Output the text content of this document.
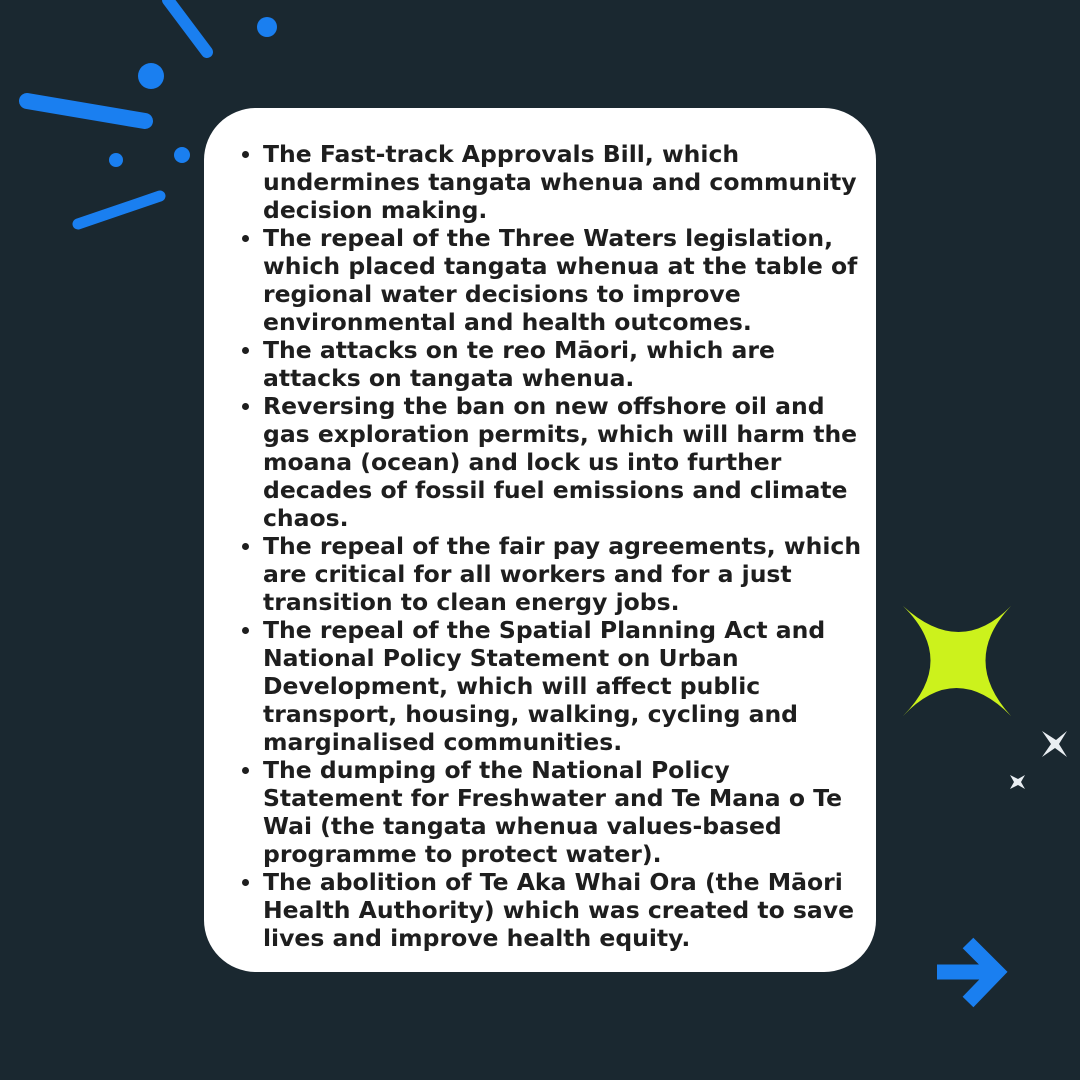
The Fast-track Approvals Bill, which undermines tangata whenua and community decision making.
The repeal of the Three Waters legislation, which placed tangata whenua at the table of regional water decisions to improve environmental and health outcomes.
The attacks on te reo Māori, which are attacks on tangata whenua.
Reversing the ban on new offshore oil and gas exploration permits, which will harm the moana (ocean) and lock us into further decades of fossil fuel emissions and climate chaos.
The repeal of the fair pay agreements, which are critical for all workers and for a just transition to clean energy jobs.
The repeal of the Spatial Planning Act and National Policy Statement on Urban Development, which will affect public transport, housing, walking, cycling and marginalised communities.
The dumping of the National Policy Statement for Freshwater and Te Mana o Te Wai (the tangata whenua values-based programme to protect water).
The abolition of Te Aka Whai Ora (the Māori Health Authority) which was created to save lives and improve health equity.
